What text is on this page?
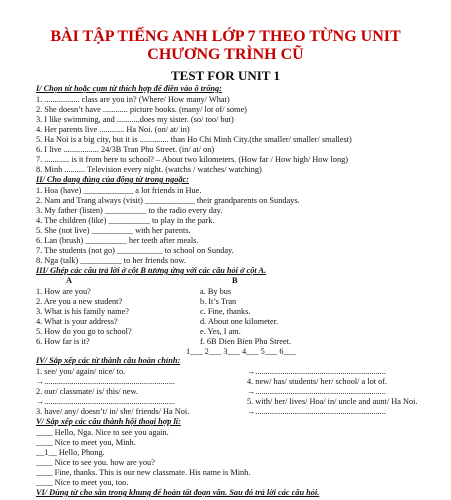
BÀI TẬP TIẾNG ANH LỚP 7 THEO TỪNG UNIT
CHƯƠNG TRÌNH CŨ
TEST FOR UNIT 1
I/ Chọn từ hoặc cụm từ thích hợp để điền vào ô trống:
1. ................. class are you in? (Where/ How many/ What)
2. She doesn’t have ............ picture books. (many/ lot of/ some)
3. I like swimming, and ...........does my sister. (so/ too/ but)
4. Her parents live ............ Ha Noi. (on/ at/ in)
5. Ha Noi is a big city, but it is .............. than Ho Chi Minh City.(the smaller/ smaller/ smallest)
6. I live ................. 24/3B Tran Phu Street. (in/ at/ on)
7. ............ is it from here to school? – About two kilometers. (How far / How high/ How long)
8. Minh .......... Television every night. (watchs / watches/ watching)
II/ Cho dạng đúng của động từ trong ngoặc:
1. Hoa (have) ____________ a lot friends in Hue.
2. Nam and Trang always (visit) ____________ their grandparents on Sundays.
3. My father (listen) __________ to the radio every day.
4. The children (like) __________ to play in the park.
5. She (not live) __________ with her parents.
6. Lan (brush) __________ her teeth after meals.
7. The students (not go) ___________ to school on Sunday.
8. Nga (talk) __________ to her friends now.
III/ Ghép các câu trả lời ở cột B tương ứng với các câu hỏi ở cột A.
A	B
1. How are you?
2. Are you a new student?
3. What is his family name?
4. What is your address?
5. How do you go to school?
6. How far is it?
a. By bus
b. It’s Tran
c. Fine, thanks.
d. About one kilometer.
e. Yes, I am.
f. 6B Dien Bien Phu Street.
1___ 2___ 3___ 4___ 5___ 6___
IV/ Sắp xếp các từ thành câu hoàn chỉnh:
1. see/ you/ again/ nice/ to.
→...............................................................
2. our/ classmate/ is/ this/ new.
→...............................................................
3. have/ any/ doesn’t/ in/ she/ friends/ Ha Noi.
→...............................................................
4. new/ has/ students/ her/ school/ a lot of.
→...............................................................
5. with/ her/ lives/ Hoa/ in/ uncle and aunt/ Ha Noi.
→...............................................................
V/ Sắp xếp các câu thành hội thoại hợp lí:
____ Hello, Nga. Nice to see you again.
____ Nice to meet you, Minh.
__1__ Hello, Phong.
____ Nice to see you. how are you?
____ Fine, thanks. This is our new classmate. His name is Minh.
____ Nice to meet you, too.
VI/ Dùng từ cho sẵn trong khung để hoàn tất đoạn văn. Sau đó trả lời các câu hỏi.
